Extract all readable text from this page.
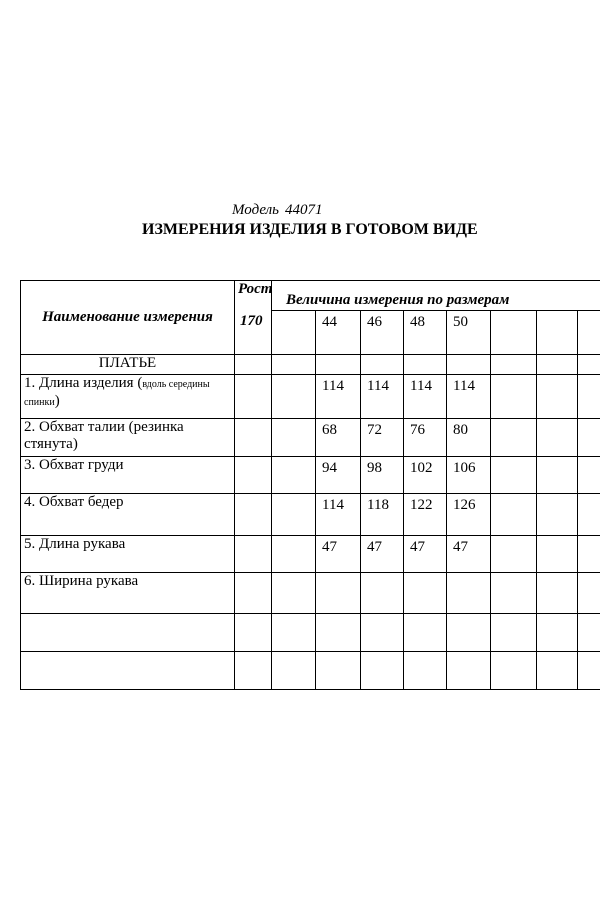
Модель 44071
ИЗМЕРЕНИЯ ИЗДЕЛИЯ В ГОТОВОМ ВИДЕ
Наименование измерения	Рост	Величина измерения по размерам							
	170		44	46	48	50			
ПЛАТЬЕ									
1. Длина изделия (вдоль середины спинки)			114	114	114	114			
2. Обхват талии (резинка стянута)			68	72	76	80			
3. Обхват груди			94	98	102	106			
4. Обхват бедер			114	118	122	126			
5. Длина рукава			47	47	47	47			
6. Ширина рукава									
